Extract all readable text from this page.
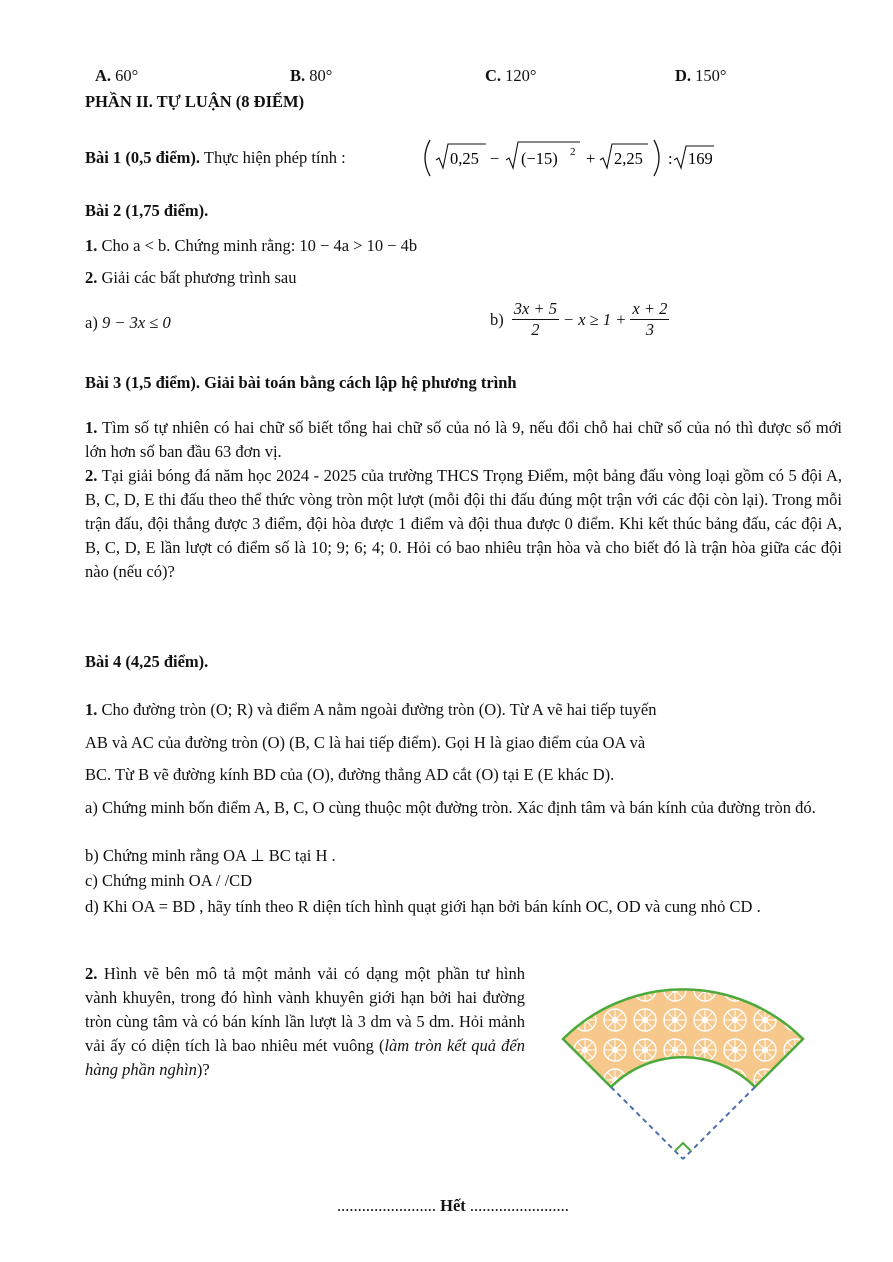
A. 60°	B. 80°	C. 120°	D. 150°
PHẦN II. TỰ LUẬN (8 ĐIỂM)
Bài 1 (0,5 điểm). Thực hiện phép tính :	0,25 − (−15) 2 + 2,25 : 169
Bài 2 (1,75 điểm).
1. Cho a < b. Chứng minh rằng: 10 − 4a > 10 − 4b
2. Giải các bất phương trình sau
a) 9 − 3x ≤ 0	$b) \frac{3x + 5}{2} - x \ge 1 + \frac{x + 2}{3}$
Bài 3 (1,5 điểm). Giải bài toán bằng cách lập hệ phương trình
1. Tìm số tự nhiên có hai chữ số biết tổng hai chữ số của nó là 9, nếu đổi chỗ hai chữ số của nó thì được số mới lớn hơn số ban đầu 63 đơn vị.
2. Tại giải bóng đá năm học 2024 - 2025 của trường THCS Trọng Điểm, một bảng đấu vòng loại gồm có 5 đội A, B, C, D, E thi đấu theo thể thức vòng tròn một lượt (mỗi đội thi đấu đúng một trận với các đội còn lại). Trong mỗi trận đấu, đội thắng được 3 điểm, đội hòa được 1 điểm và đội thua được 0 điểm. Khi kết thúc bảng đấu, các đội A, B, C, D, E lần lượt có điểm số là 10; 9; 6; 4; 0. Hỏi có bao nhiêu trận hòa và cho biết đó là trận hòa giữa các đội nào (nếu có)?
Bài 4 (4,25 điểm).
1. Cho đường tròn (O; R) và điểm A nằm ngoài đường tròn (O). Từ A vẽ hai tiếp tuyến
AB và AC của đường tròn (O) (B, C là hai tiếp điểm). Gọi H là giao điểm của OA và
BC. Từ B vẽ đường kính BD của (O), đường thẳng AD cắt (O) tại E (E khác D).
a) Chứng minh bốn điểm A, B, C, O cùng thuộc một đường tròn. Xác định tâm và bán kính của đường tròn đó.
b) Chứng minh rằng OA ⊥ BC tại H .
c) Chứng minh OA / /CD
d) Khi OA = BD , hãy tính theo R diện tích hình quạt giới hạn bởi bán kính OC, OD và cung nhỏ CD .
2. Hình vẽ bên mô tả một mảnh vải có dạng một phần tư hình vành khuyên, trong đó hình vành khuyên giới hạn bởi hai đường tròn cùng tâm và có bán kính lần lượt là 3 dm và 5 dm. Hỏi mảnh vải ấy có diện tích là bao nhiêu mét vuông (làm tròn kết quả đến hàng phần nghìn)?
........................ Hết ........................
